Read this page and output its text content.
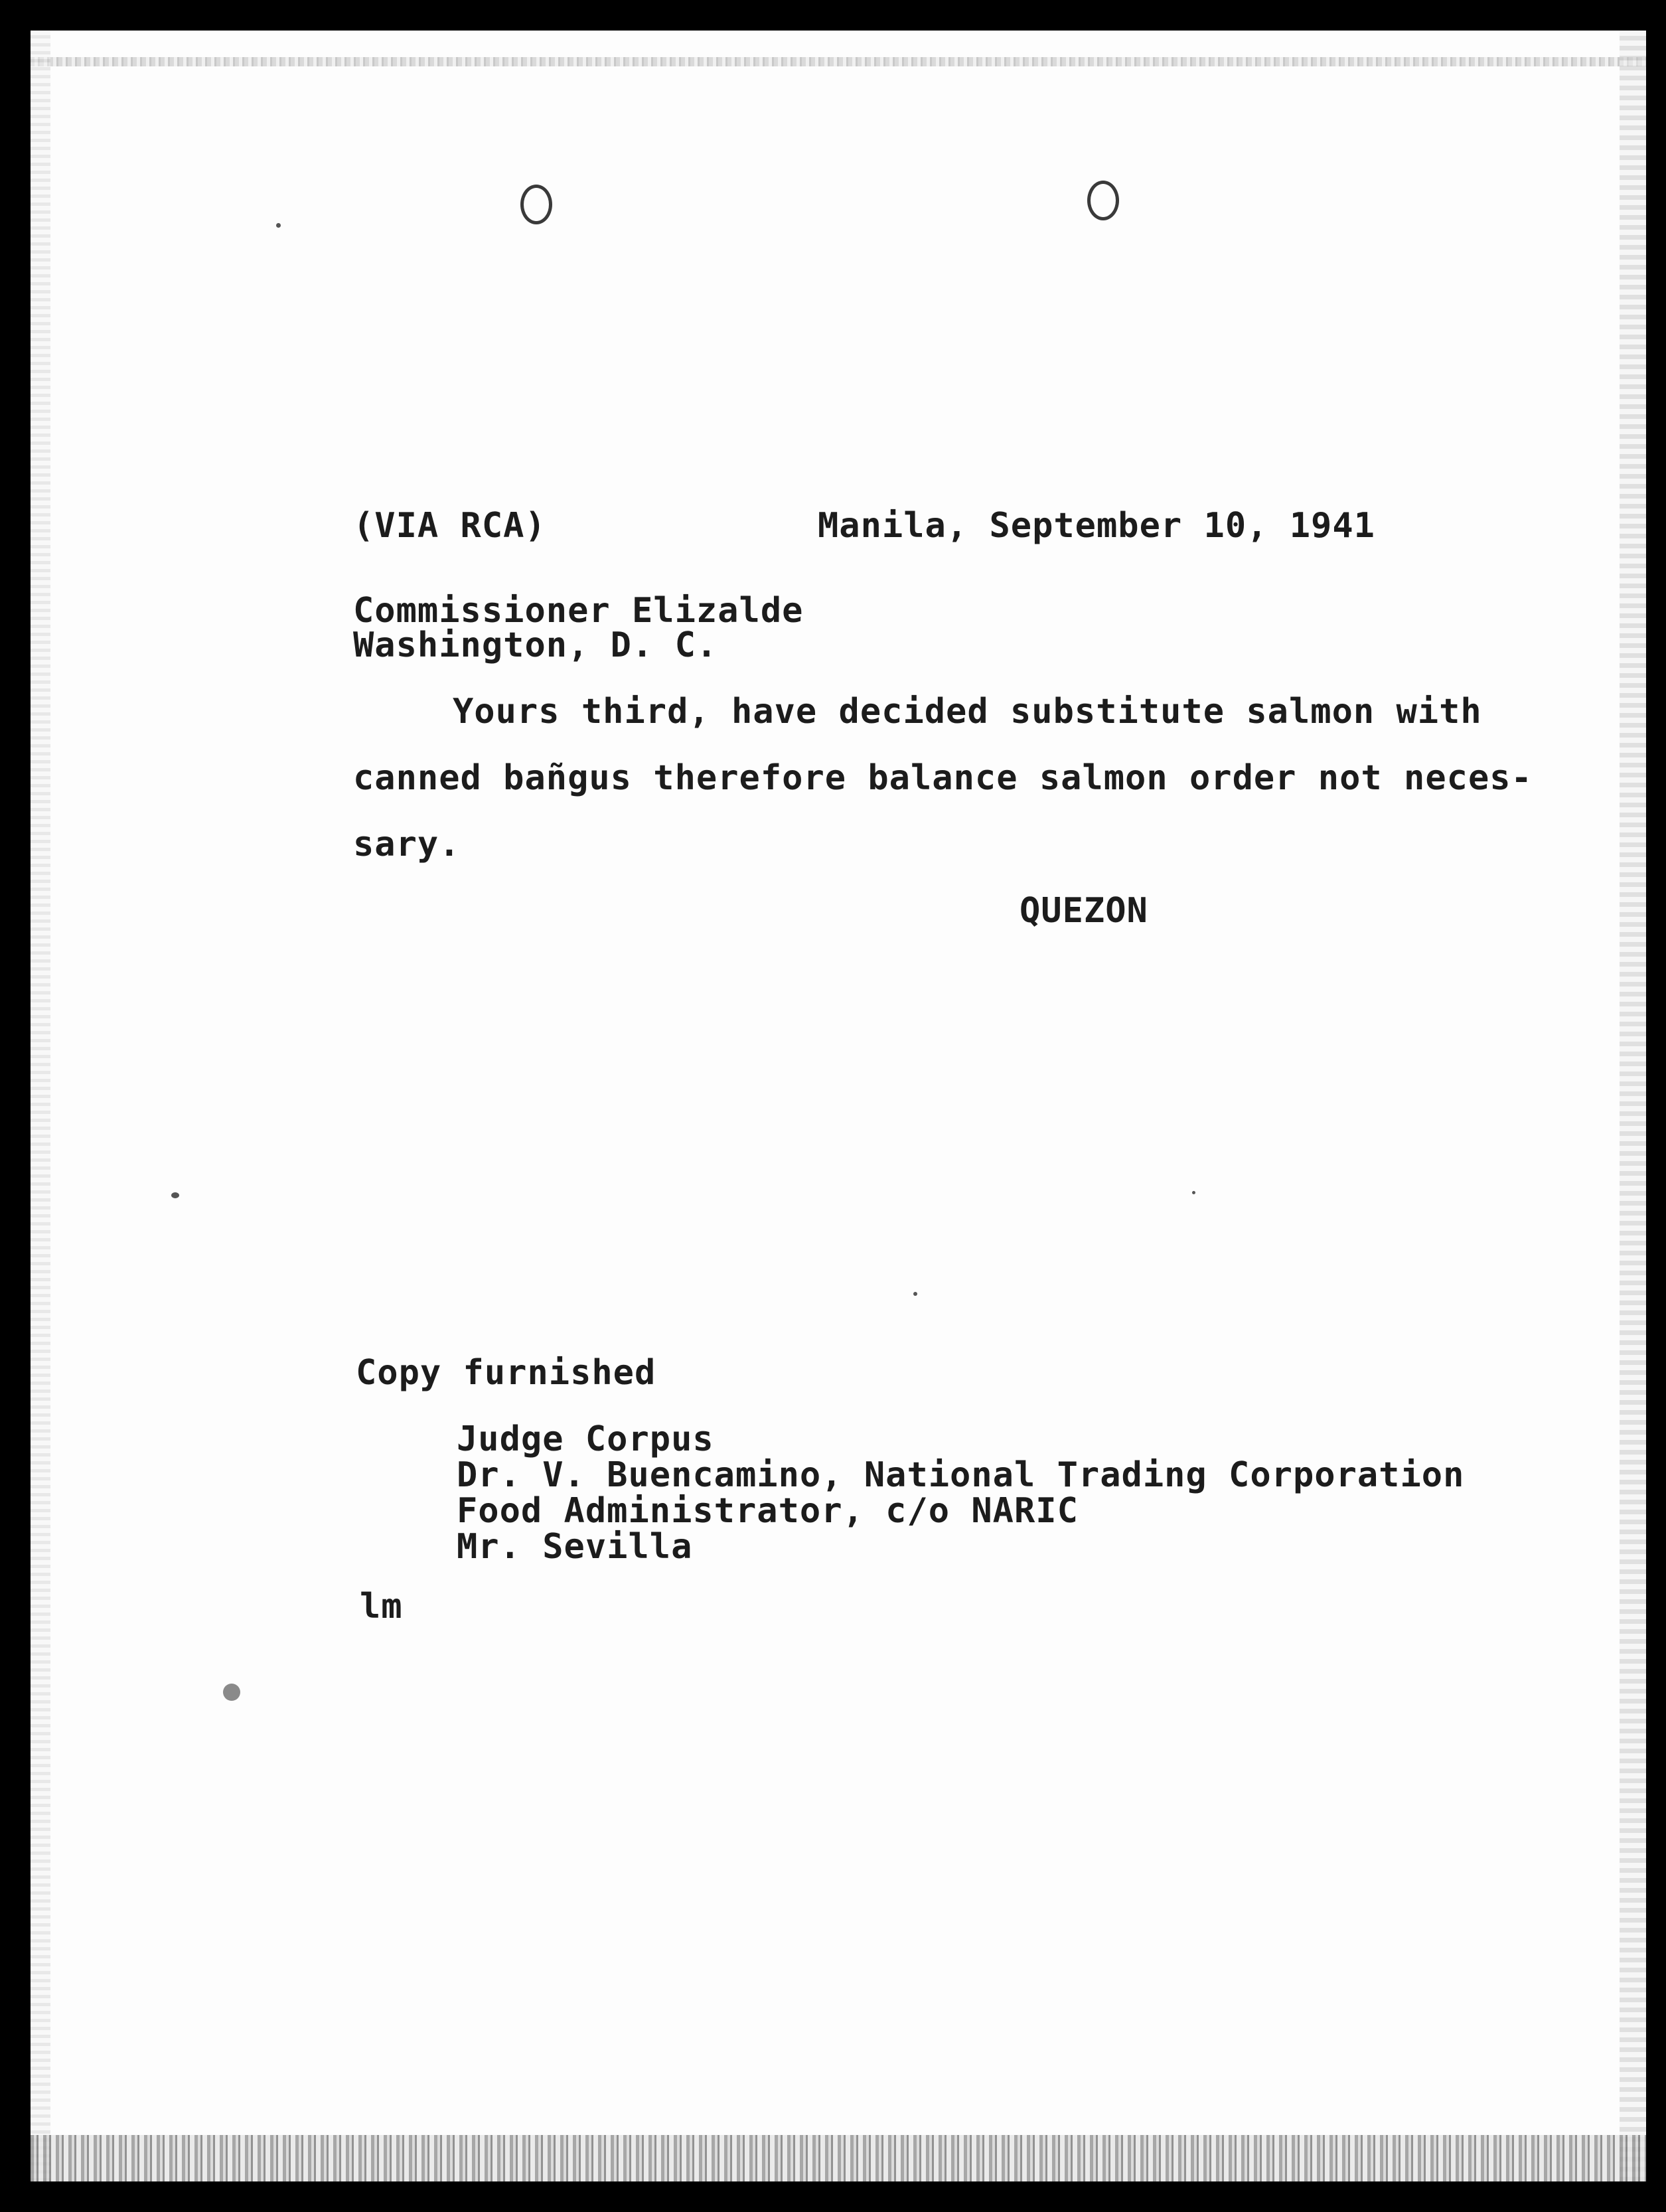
(VIA RCA)	Manila, September 10, 1941
Commissioner Elizalde
Washington, D. C.
Yours third, have decided substitute salmon with
canned bañgus therefore balance salmon order not neces-
sary.
QUEZON
Copy furnished
Judge Corpus
Dr. V. Buencamino, National Trading Corporation
Food Administrator, c/o NARIC
Mr. Sevilla
lm
